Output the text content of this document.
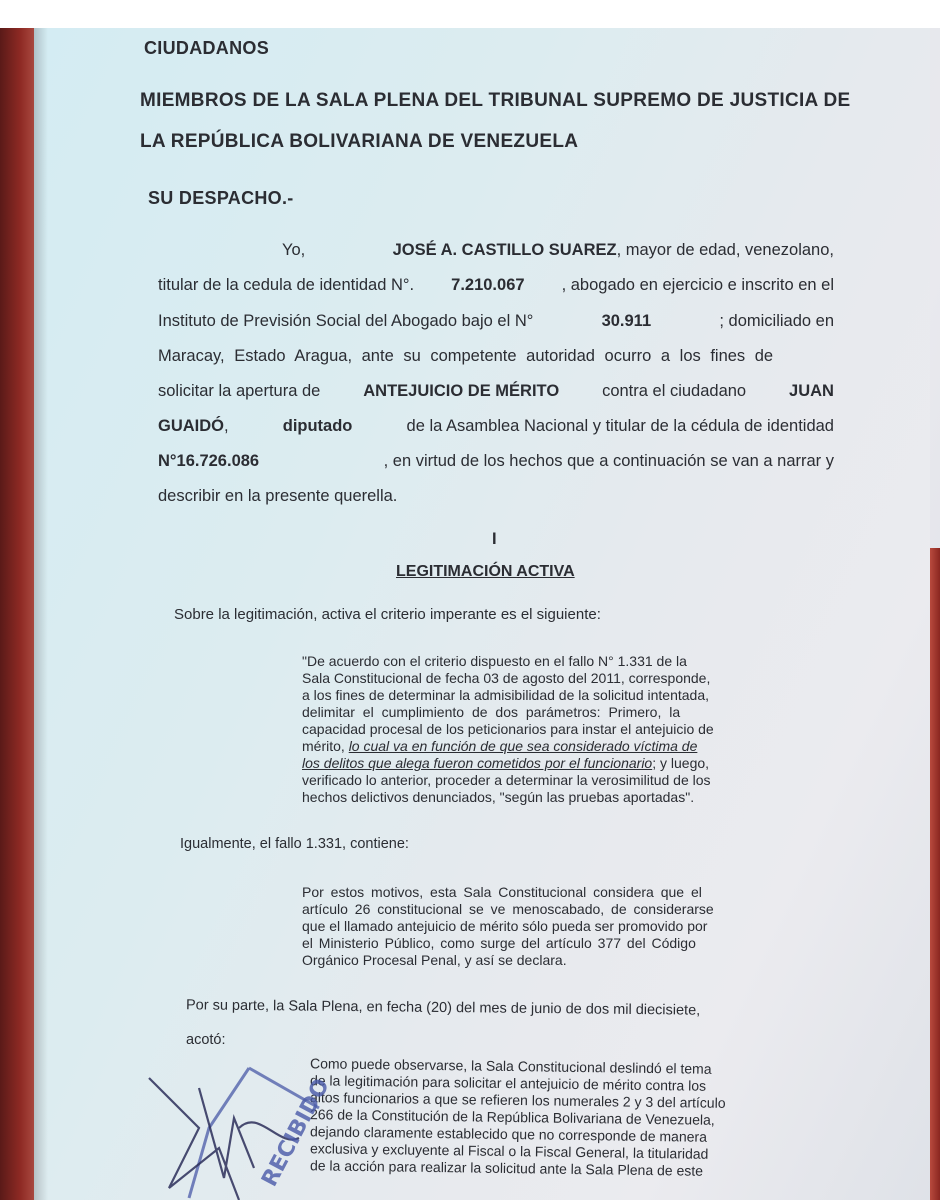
CIUDADANOS
MIEMBROS DE LA SALA PLENA DEL TRIBUNAL SUPREMO DE JUSTICIA DE
LA REPÚBLICA BOLIVARIANA DE VENEZUELA
SU DESPACHO.-
Yo,	JOSÉ A. CASTILLO SUAREZ, mayor de edad, venezolano,
titular de la cedula de identidad N°. 7.210.067 , abogado en ejercicio e inscrito en el
Instituto de Previsión Social del Abogado bajo el N°	30.911	; domiciliado en
Maracay, Estado Aragua, ante su competente autoridad ocurro a los fines de
solicitar la apertura de	ANTEJUICIO DE MÉRITO	contra el ciudadano	JUAN
GUAIDÓ,	diputado	de la Asamblea Nacional y titular de la cédula de identidad
N°16.726.086	, en virtud de los hechos que a continuación se van a narrar y
describir en la presente querella.
I
LEGITIMACIÓN ACTIVA
Sobre la legitimación, activa el criterio imperante es el siguiente:
"De acuerdo con el criterio dispuesto en el fallo N° 1.331 de la
Sala Constitucional de fecha 03 de agosto del 2011, corresponde,
a los fines de determinar la admisibilidad de la solicitud intentada,
delimitar el cumplimiento de dos parámetros: Primero, la
capacidad procesal de los peticionarios para instar el antejuicio de
mérito, lo cual va en función de que sea considerado víctima de
los delitos que alega fueron cometidos por el funcionario; y luego,
verificado lo anterior, proceder a determinar la verosimilitud de los
hechos delictivos denunciados, "según las pruebas aportadas".
Igualmente, el fallo 1.331, contiene:
Por estos motivos, esta Sala Constitucional considera que el
artículo 26 constitucional se ve menoscabado, de considerarse
que el llamado antejuicio de mérito sólo pueda ser promovido por
el Ministerio Público, como surge del artículo 377 del Código
Orgánico Procesal Penal, y así se declara.
Por su parte, la Sala Plena, en fecha (20) del mes de junio de dos mil diecisiete,
acotó:
Como puede observarse, la Sala Constitucional deslindó el tema
de la legitimación para solicitar el antejuicio de mérito contra los
altos funcionarios a que se refieren los numerales 2 y 3 del artículo
266 de la Constitución de la República Bolivariana de Venezuela,
dejando claramente establecido que no corresponde de manera
exclusiva y excluyente al Fiscal o la Fiscal General, la titularidad
de la acción para realizar la solicitud ante la Sala Plena de este
RECIBIDO
